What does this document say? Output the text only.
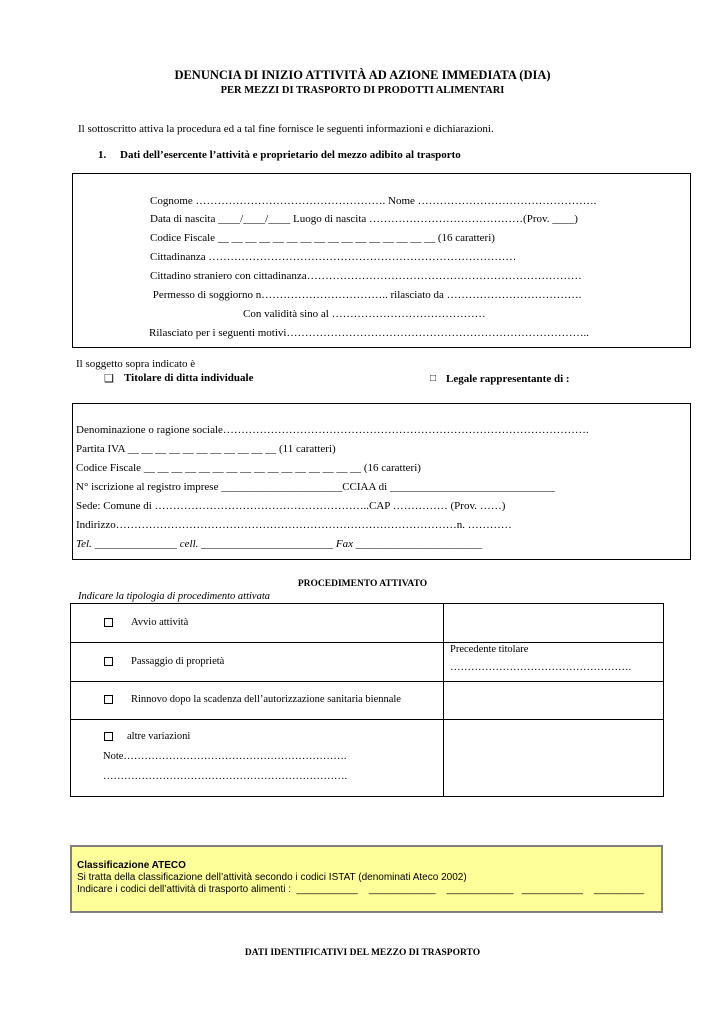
DENUNCIA DI INIZIO ATTIVITÀ AD AZIONE IMMEDIATA (DIA)
PER MEZZI DI TRASPORTO DI PRODOTTI ALIMENTARI
Il sottoscritto attiva la procedura ed a tal fine fornisce le seguenti informazioni e dichiarazioni.
1.     Dati dell’esercente l’attività e proprietario del mezzo adibito al trasporto
Cognome ……………………………………………. Nome ………………………………………….
Data di nascita ____/____/____ Luogo di nascita ……………………………………(Prov. ____)
Codice Fiscale __ __ __ __ __ __ __ __ __ __ __ __ __ __ __ __ (16 caratteri)
Cittadinanza …………………………………………………………………………
Cittadino straniero con cittadinanza…………………………………………………………………
Permesso di soggiorno n…………………………….. rilasciato da ……………………………….
Con validità sino al ……………………………………
Rilasciato per i seguenti motivi………………………………………………………………………..
Il soggetto sopra indicato è
❑ Titolare di ditta individuale	□ Legale rappresentante di :
Denominazione o ragione sociale……………………………………………………………………………………….
Partita IVA __ __ __ __ __ __ __ __ __ __ __ (11 caratteri)
Codice Fiscale __ __ __ __ __ __ __ __ __ __ __ __ __ __ __ __ (16 caratteri)
N° iscrizione al registro imprese ______________________CCIAA di ______________________________
Sede: Comune di …………………………………………………..CAP …………… (Prov. ……)
Indirizzo…………………………………………………………………………………n. …………
Tel. _______________ cell. ________________________ Fax _______________________
PROCEDIMENTO ATTIVATO
Indicare la tipologia di procedimento attivata
Avvio attività	

Passaggio di proprietà	Precedente titolare
…………………………………………….

Rinnovo dopo la scadenza dell’autorizzazione sanitaria biennale	

altre variazioni
Note……………………………………………………….
…………………………………………………………….	

Classificazione ATECO
Si tratta della classificazione dell’attività secondo i codici ISTAT (denominati Ateco 2002)
Indicare i codici dell’attività di trasporto alimenti :  ___________    ____________    ____________   ___________    _________
DATI IDENTIFICATIVI DEL MEZZO DI TRASPORTO
